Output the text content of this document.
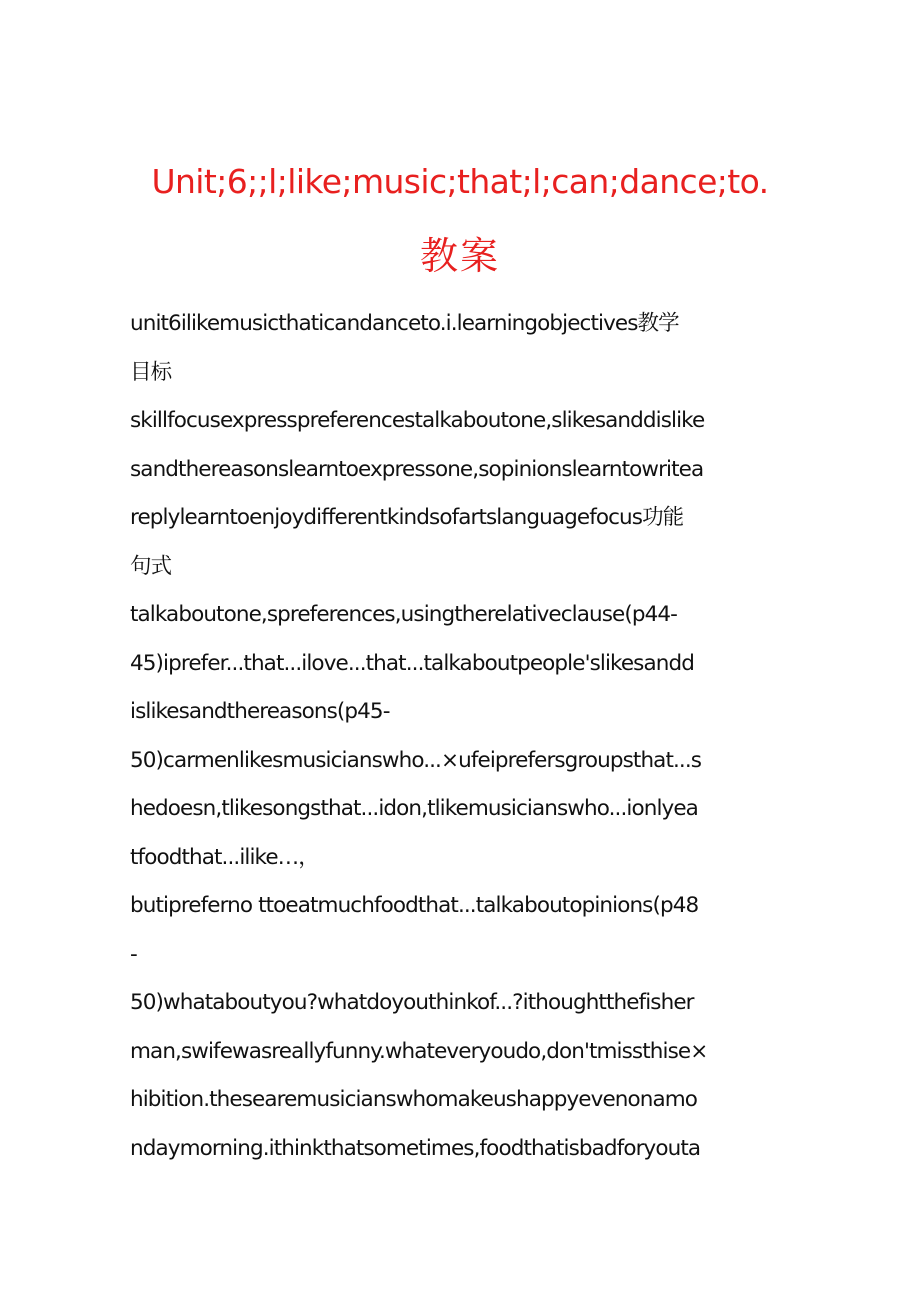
Unit;6;;l;like;music;that;l;can;dance;to.
教案
unit6ilikemusicthaticandanceto.i.learningobjectives教学
目标
skillfocusexpresspreferencestalkaboutone,slikesanddislike
sandthereasonslearntoexpressone,sopinionslearntowritea
replylearntoenjoydifferentkindsofartslanguagefocus功能
句式
talkaboutone,spreferences,usingtherelativeclause(p44-
45)iprefer...that...ilove...that...talkaboutpeople'slikesandd
islikesandthereasons(p45-
50)carmenlikesmusicianswho...×ufeiprefersgroupsthat...s
hedoesn,tlikesongsthat...idon,tlikemusicianswho...ionlyea
tfoodthat...ilike…，
butipreferno ttoeatmuchfoodthat...talkaboutopinions(p48
-
50)whataboutyou?whatdoyouthinkof...?ithoughtthefisher
man,swifewasreallyfunny.whateveryoudo,don'tmissthise×
hibition.thesearemusicianswhomakeushappyevenonamo
ndaymorning.ithinkthatsometimes,foodthatisbadforyouta
